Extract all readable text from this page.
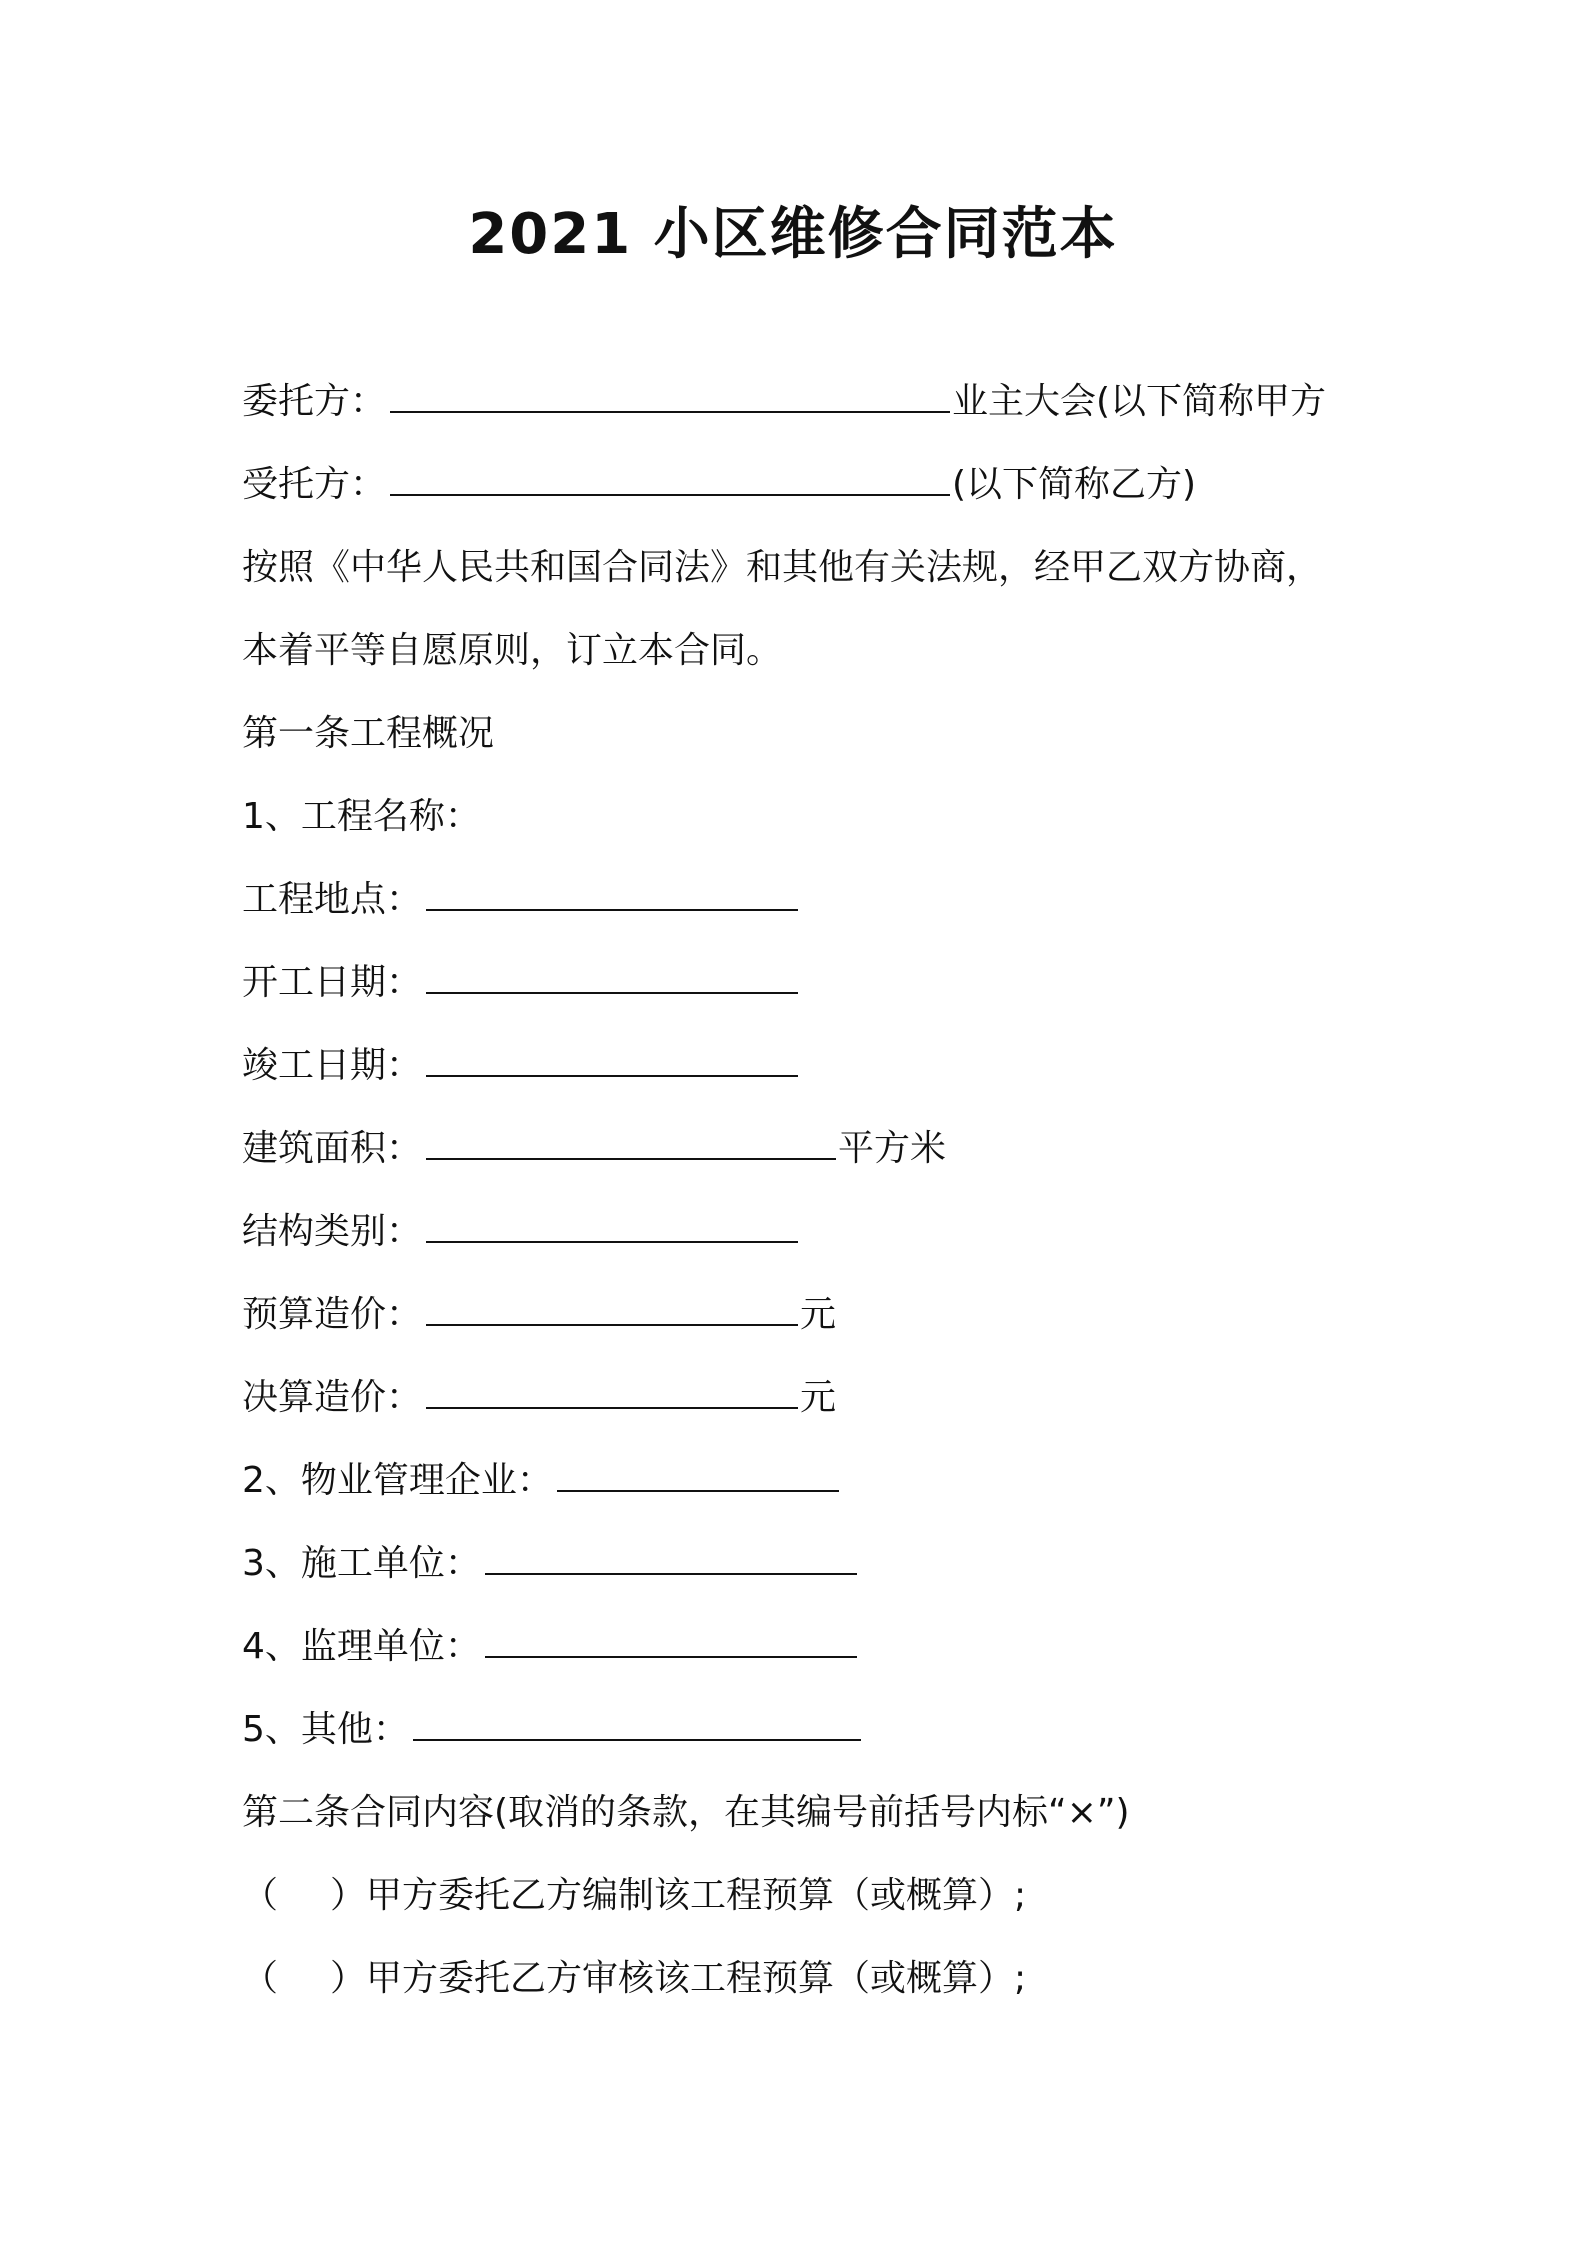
2021 小区维修合同范本
委托方：	业主大会(以下简称甲方
受托方：	(以下简称乙方)
按照《中华人民共和国合同法》和其他有关法规，经甲乙双方协商，
本着平等自愿原则，订立本合同。
第一条工程概况
1、工程名称：
工程地点：
开工日期：
竣工日期：
建筑面积：	平方米
结构类别：
预算造价：	元
决算造价：	元
2、物业管理企业：
3、施工单位：
4、监理单位：
5、其他：
第二条合同内容(取消的条款，在其编号前括号内标“×”)
（ ） 甲方委托乙方编制该工程预算（或概算）;
（ ） 甲方委托乙方审核该工程预算（或概算）;
